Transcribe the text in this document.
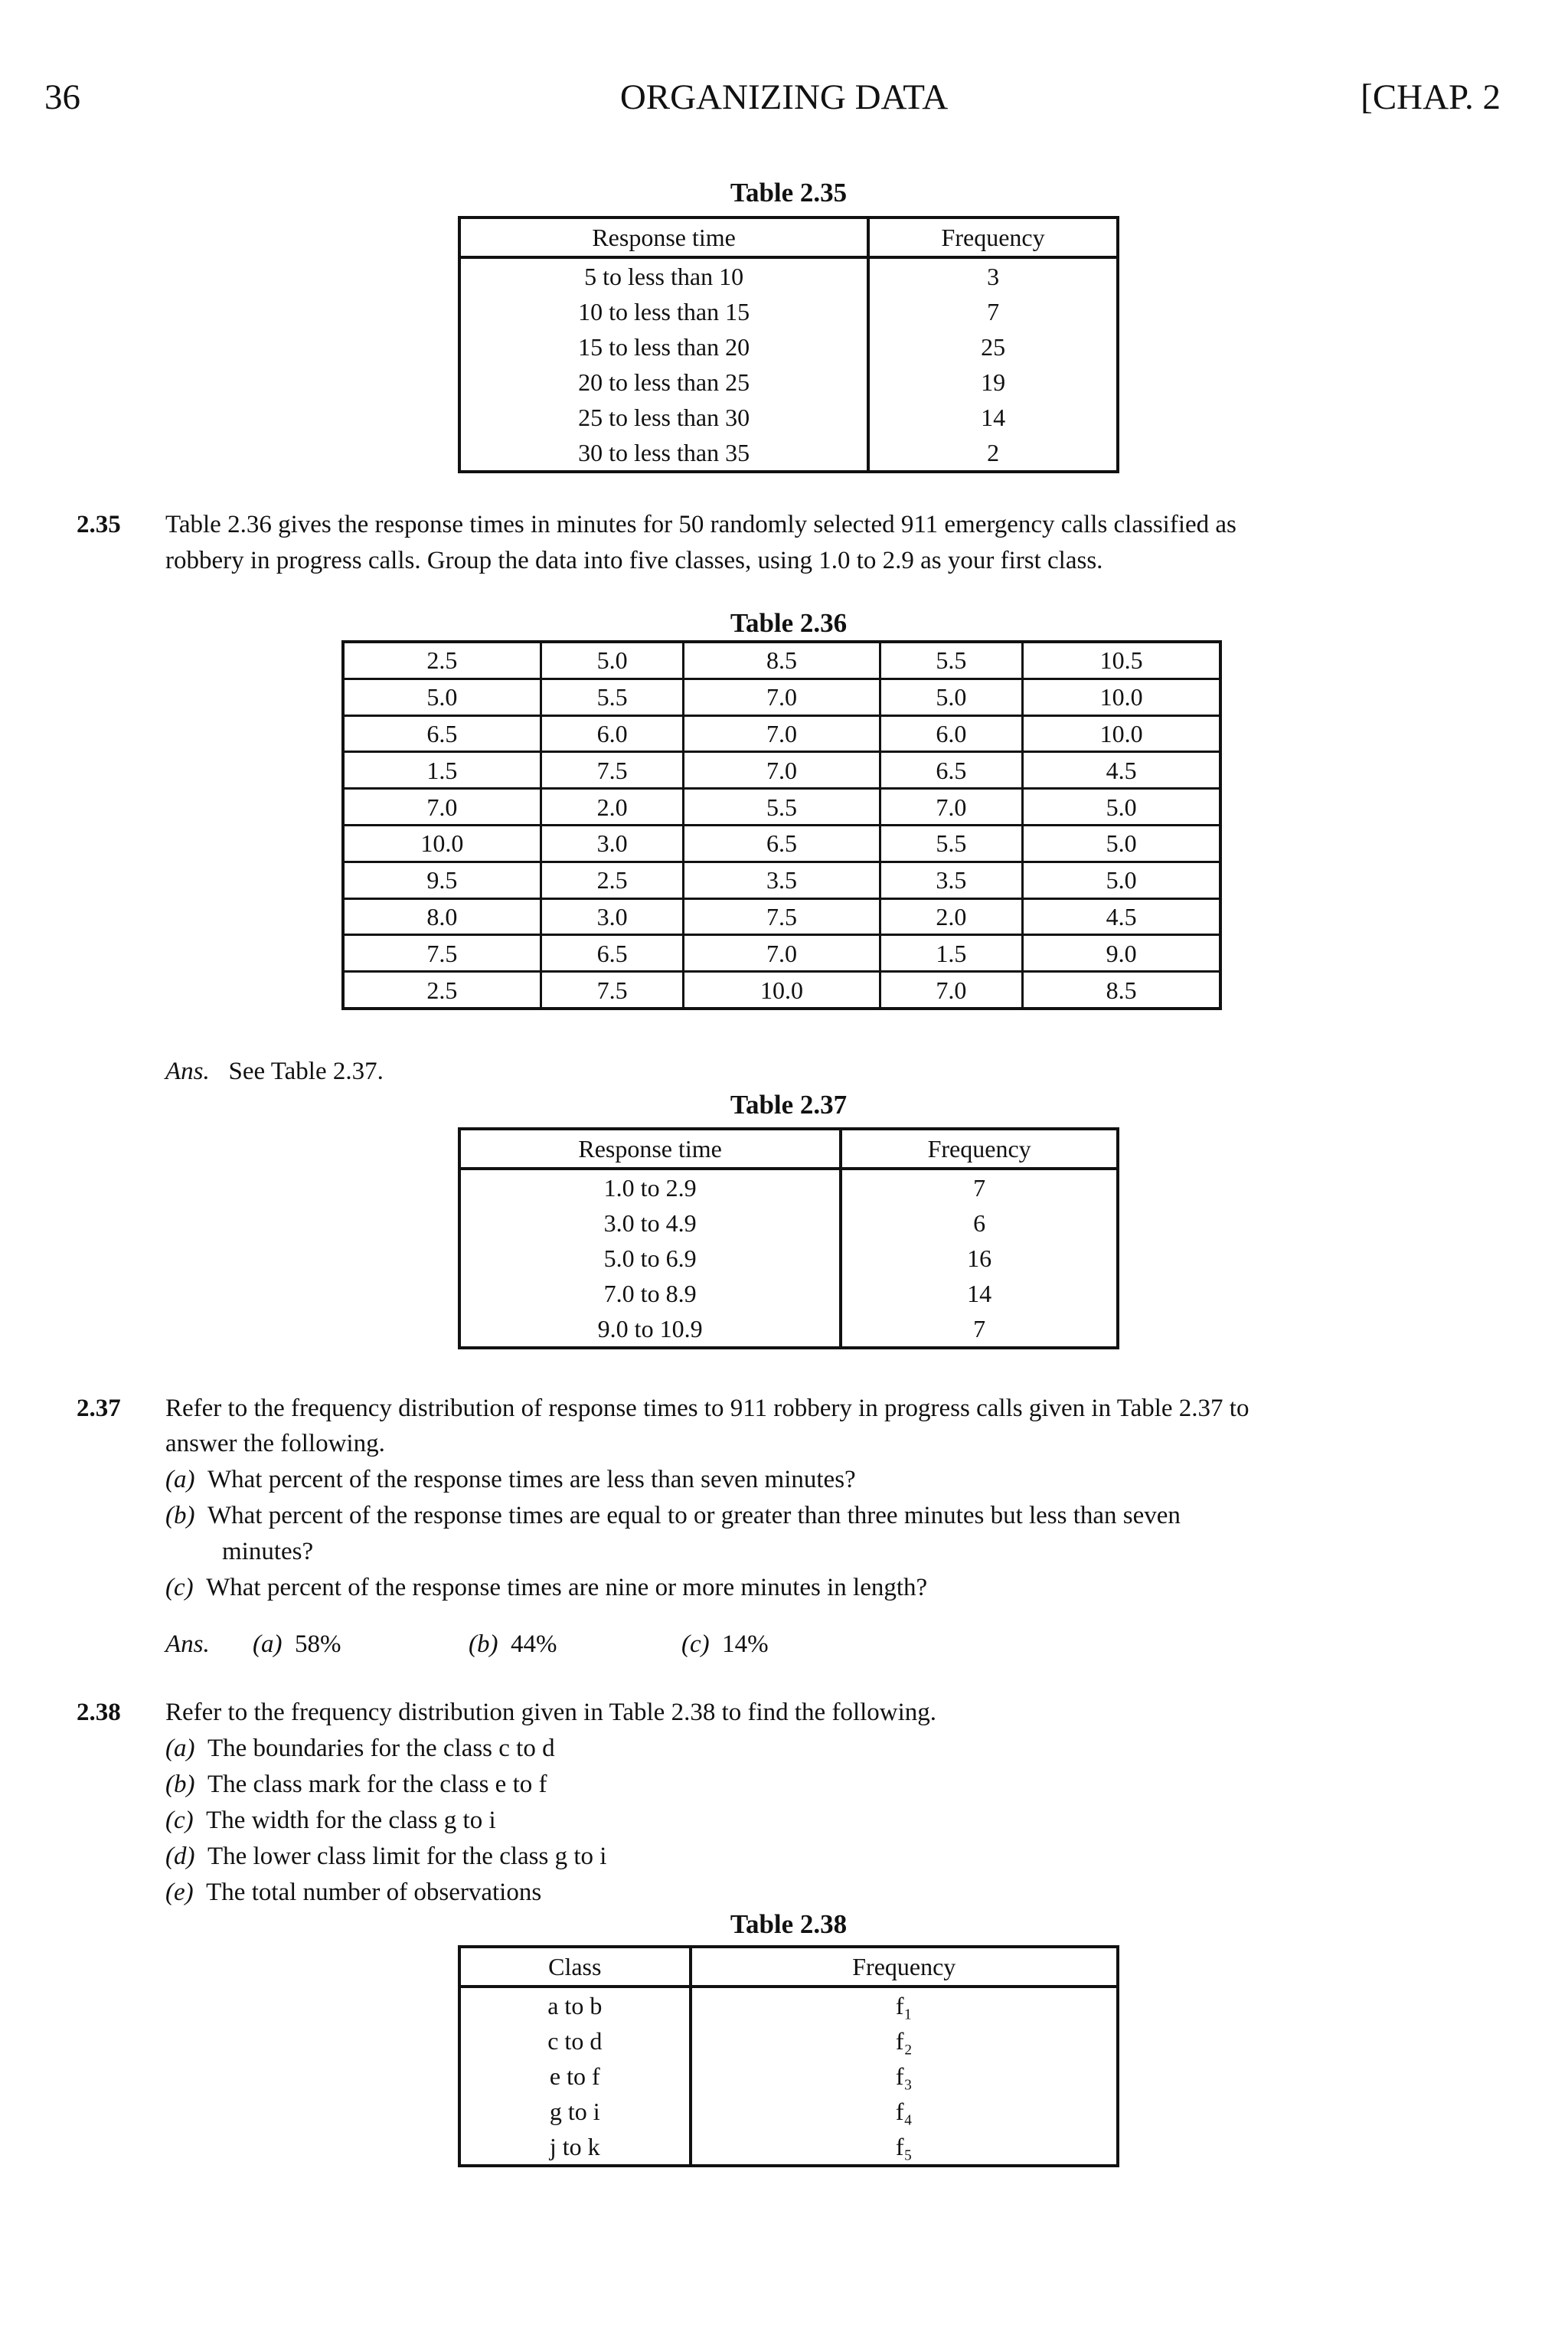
36	ORGANIZING DATA	[CHAP. 2
Table 2.35
Response time	Frequency
5 to less than 10	3
10 to less than 15	7
15 to less than 20	25
20 to less than 25	19
25 to less than 30	14
30 to less than 35	2
2.35 Table 2.36 gives the response times in minutes for 50 randomly selected 911 emergency calls classified as
robbery in progress calls. Group the data into five classes, using 1.0 to 2.9 as your first class.
Table 2.36
2.5	5.0	8.5	5.5	10.5
5.0	5.5	7.0	5.0	10.0
6.5	6.0	7.0	6.0	10.0
1.5	7.5	7.0	6.5	4.5
7.0	2.0	5.5	7.0	5.0
10.0	3.0	6.5	5.5	5.0
9.5	2.5	3.5	3.5	5.0
8.0	3.0	7.5	2.0	4.5
7.5	6.5	7.0	1.5	9.0
2.5	7.5	10.0	7.0	8.5
Ans. See Table 2.37.
Table 2.37
Response time	Frequency
1.0 to 2.9	7
3.0 to 4.9	6
5.0 to 6.9	16
7.0 to 8.9	14
9.0 to 10.9	7
2.37 Refer to the frequency distribution of response times to 911 robbery in progress calls given in Table 2.37 to
answer the following.
(a) What percent of the response times are less than seven minutes?
(b) What percent of the response times are equal to or greater than three minutes but less than seven
minutes?
(c) What percent of the response times are nine or more minutes in length?
Ans. (a) 58%	(b) 44%	(c) 14%
2.38 Refer to the frequency distribution given in Table 2.38 to find the following.
(a) The boundaries for the class c to d
(b) The class mark for the class e to f
(c) The width for the class g to i
(d) The lower class limit for the class g to i
(e) The total number of observations
Table 2.38
Class	Frequency
a to b	f₁
c to d	f₂
e to f	f₃
g to i	f₄
j to k	f₅
